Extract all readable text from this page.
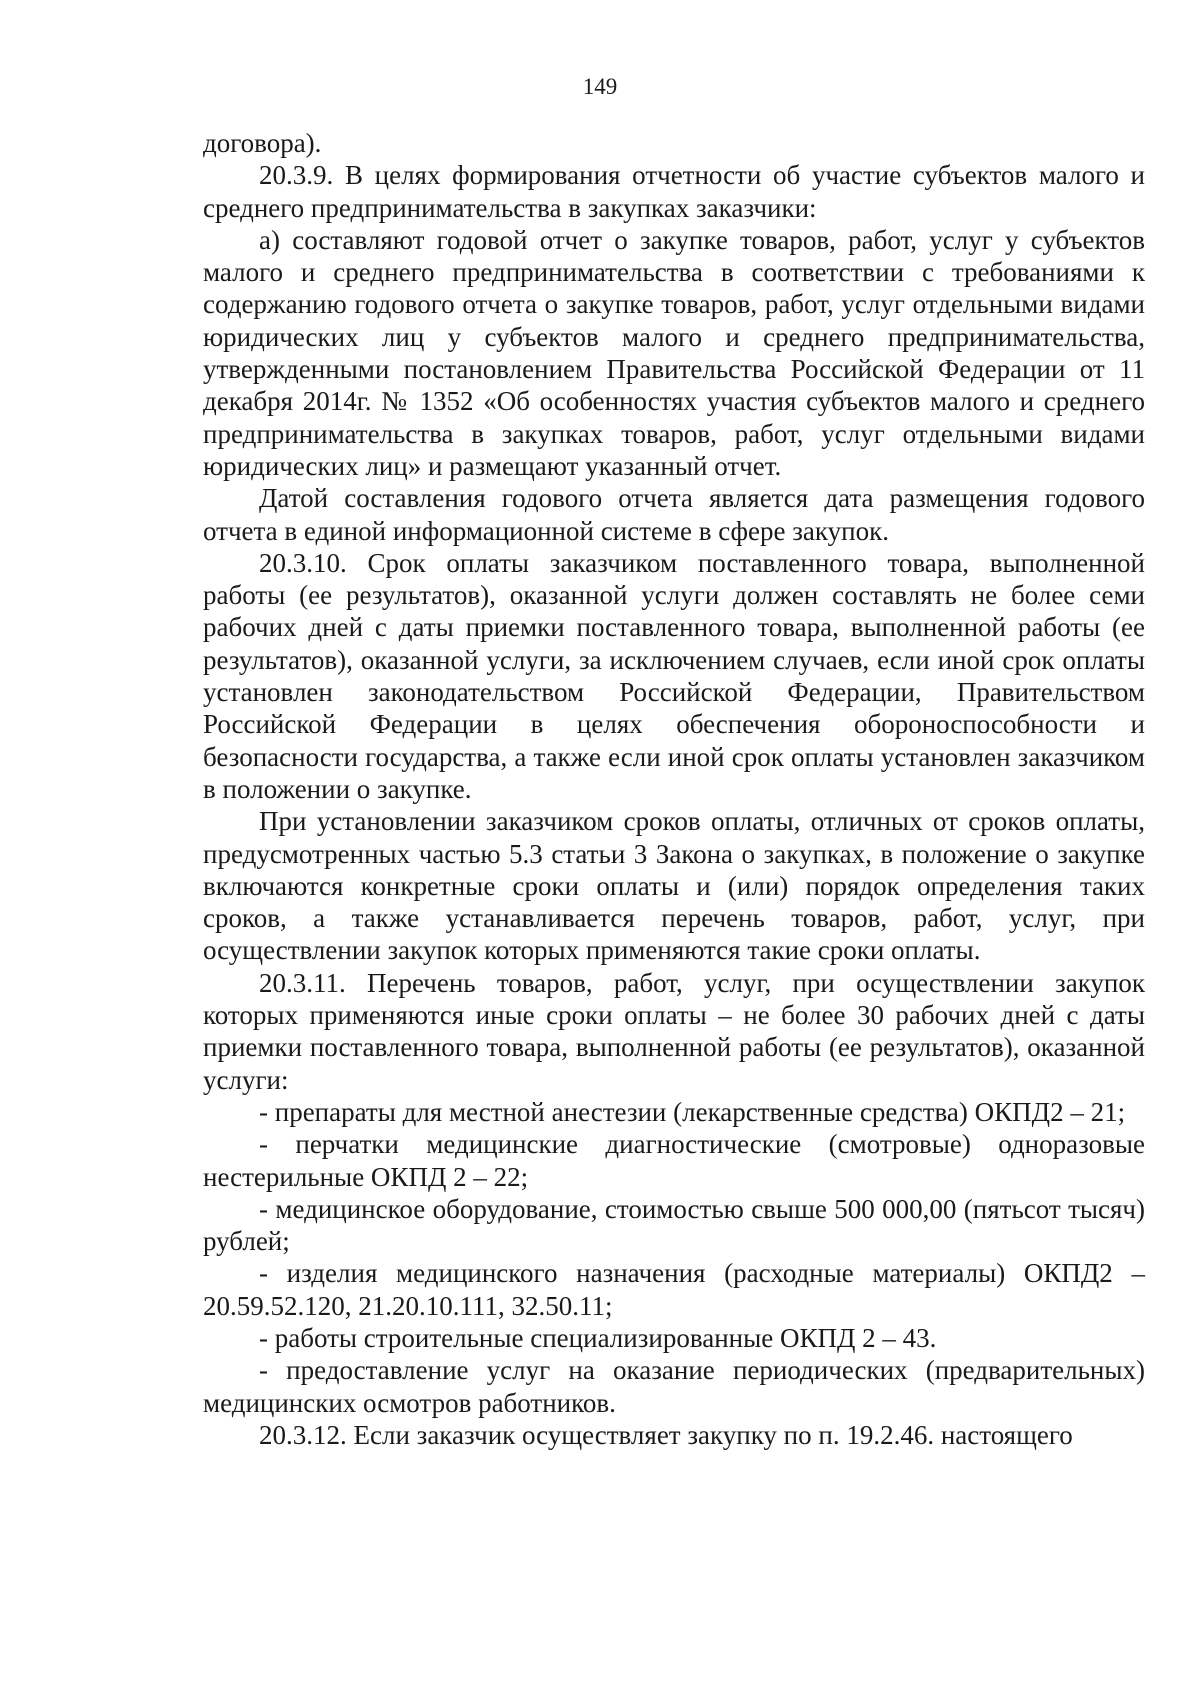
149

договора).

20.3.9. В целях формирования отчетности об участие субъектов малого и среднего предпринимательства в закупках заказчики:

а) составляют годовой отчет о закупке товаров, работ, услуг у субъектов малого и среднего предпринимательства в соответствии с требованиями к содержанию годового отчета о закупке товаров, работ, услуг отдельными видами юридических лиц у субъектов малого и среднего предпринимательства, утвержденными постановлением Правительства Российской Федерации от 11 декабря 2014г. № 1352 «Об особенностях участия субъектов малого и среднего предпринимательства в закупках товаров, работ, услуг отдельными видами юридических лиц» и размещают указанный отчет.

Датой составления годового отчета является дата размещения годового отчета в единой информационной системе в сфере закупок.

20.3.10. Срок оплаты заказчиком поставленного товара, выполненной работы (ее результатов), оказанной услуги должен составлять не более семи рабочих дней с даты приемки поставленного товара, выполненной работы (ее результатов), оказанной услуги, за исключением случаев, если иной срок оплаты установлен законодательством Российской Федерации, Правительством Российской Федерации в целях обеспечения обороноспособности и безопасности государства, а также если иной срок оплаты установлен заказчиком в положении о закупке.

При установлении заказчиком сроков оплаты, отличных от сроков оплаты, предусмотренных частью 5.3 статьи 3 Закона о закупках, в положение о закупке включаются конкретные сроки оплаты и (или) порядок определения таких сроков, а также устанавливается перечень товаров, работ, услуг, при осуществлении закупок которых применяются такие сроки оплаты.

20.3.11. Перечень товаров, работ, услуг, при осуществлении закупок которых применяются иные сроки оплаты – не более 30 рабочих дней с даты приемки поставленного товара, выполненной работы (ее результатов), оказанной услуги:

- препараты для местной анестезии (лекарственные средства) ОКПД2 – 21;

- перчатки медицинские диагностические (смотровые) одноразовые нестерильные ОКПД 2 – 22;

- медицинское оборудование, стоимостью свыше 500 000,00 (пятьсот тысяч) рублей;

- изделия медицинского назначения (расходные материалы) ОКПД2 – 20.59.52.120, 21.20.10.111, 32.50.11;

- работы строительные специализированные ОКПД 2 – 43.

- предоставление услуг на оказание периодических (предварительных) медицинских осмотров работников.

20.3.12. Если заказчик осуществляет закупку по п. 19.2.46. настоящего
